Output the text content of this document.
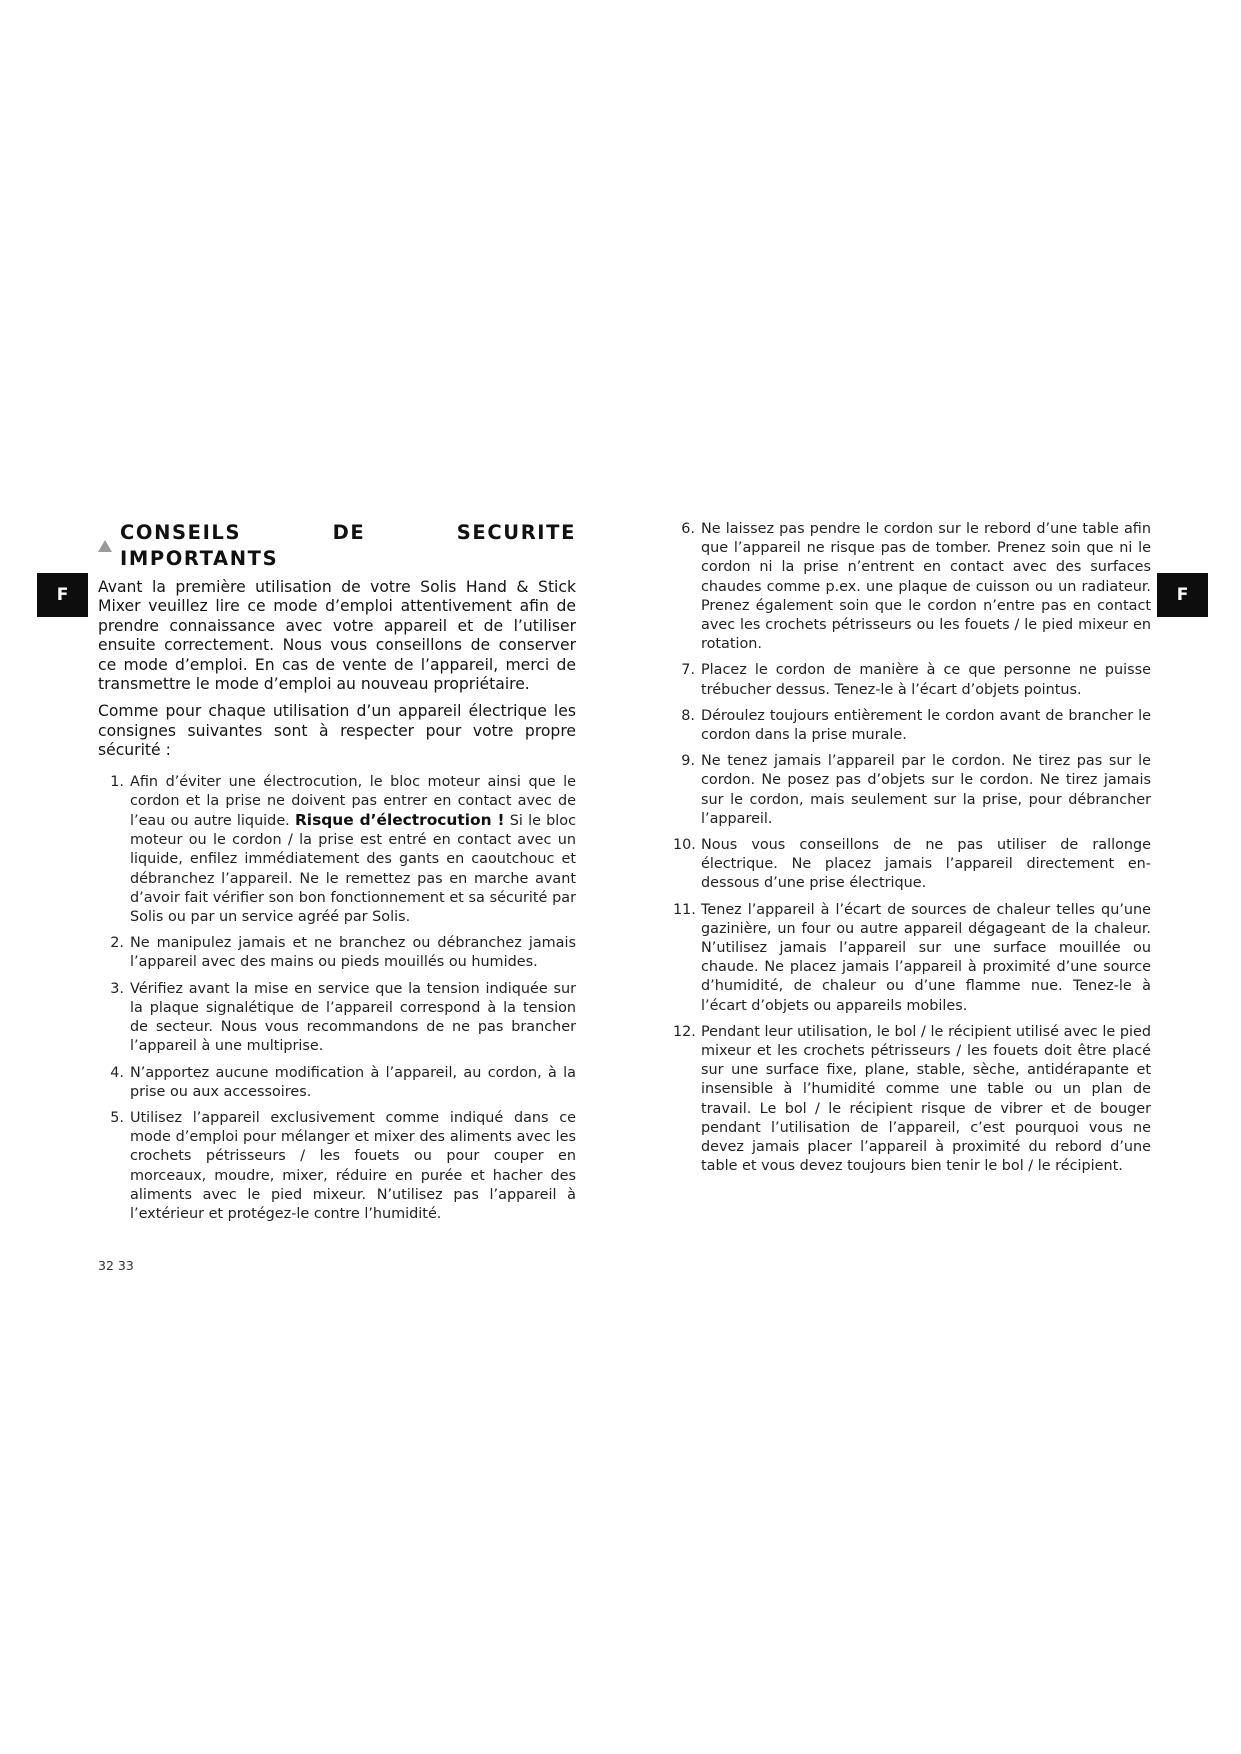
F	F
CONSEILS DE SECURITE IMPORTANTS

Avant la première utilisation de votre Solis Hand & Stick Mixer veuillez lire ce mode d’emploi attentivement afin de prendre connaissance avec votre appareil et de l’utiliser ensuite correctement. Nous vous conseillons de conserver ce mode d’emploi. En cas de vente de l’appareil, merci de transmettre le mode d’emploi au nouveau propriétaire.

Comme pour chaque utilisation d’un appareil électrique les consignes suivantes sont à respecter pour votre propre sécurité :

1. Afin d’éviter une électrocution, le bloc moteur ainsi que le cordon et la prise ne doivent pas entrer en contact avec de l’eau ou autre liquide. Risque d’électrocution ! Si le bloc moteur ou le cordon / la prise est entré en contact avec un liquide, enfilez immédiatement des gants en caoutchouc et débranchez l’appareil. Ne le remettez pas en marche avant d’avoir fait vérifier son bon fonctionnement et sa sécurité par Solis ou par un service agréé par Solis.
2. Ne manipulez jamais et ne branchez ou débranchez jamais l’appareil avec des mains ou pieds mouillés ou humides.
3. Vérifiez avant la mise en service que la tension indiquée sur la plaque signalétique de l’appareil correspond à la tension de secteur. Nous vous recommandons de ne pas brancher l’appareil à une multiprise.
4. N’apportez aucune modification à l’appareil, au cordon, à la prise ou aux accessoires.
5. Utilisez l’appareil exclusivement comme indiqué dans ce mode d’emploi pour mélanger et mixer des aliments avec les crochets pétrisseurs / les fouets ou pour couper en morceaux, moudre, mixer, réduire en purée et hacher des aliments avec le pied mixeur. N’utilisez pas l’appareil à l’extérieur et protégez-le contre l’humidité.
6. Ne laissez pas pendre le cordon sur le rebord d’une table afin que l’appareil ne risque pas de tomber. Prenez soin que ni le cordon ni la prise n’entrent en contact avec des surfaces chaudes comme p.ex. une plaque de cuisson ou un radiateur. Prenez également soin que le cordon n’entre pas en contact avec les crochets pétrisseurs ou les fouets / le pied mixeur en rotation.
7. Placez le cordon de manière à ce que personne ne puisse trébucher dessus. Tenez-le à l’écart d’objets pointus.
8. Déroulez toujours entièrement le cordon avant de brancher le cordon dans la prise murale.
9. Ne tenez jamais l’appareil par le cordon. Ne tirez pas sur le cordon. Ne posez pas d’objets sur le cordon. Ne tirez jamais sur le cordon, mais seulement sur la prise, pour débrancher l’appareil.
10. Nous vous conseillons de ne pas utiliser de rallonge électrique. Ne placez jamais l’appareil directement en-dessous d’une prise électrique.
11. Tenez l’appareil à l’écart de sources de chaleur telles qu’une gazinière, un four ou autre appareil dégageant de la chaleur. N’utilisez jamais l’appareil sur une surface mouillée ou chaude. Ne placez jamais l’appareil à proximité d’une source d’humidité, de chaleur ou d’une flamme nue. Tenez-le à l’écart d’objets ou appareils mobiles.
12. Pendant leur utilisation, le bol / le récipient utilisé avec le pied mixeur et les crochets pétrisseurs / les fouets doit être placé sur une surface fixe, plane, stable, sèche, antidérapante et insensible à l’humidité comme une table ou un plan de travail. Le bol / le récipient risque de vibrer et de bouger pendant l’utilisation de l’appareil, c’est pourquoi vous ne devez jamais placer l’appareil à proximité du rebord d’une table et vous devez toujours bien tenir le bol / le récipient.
32 33
